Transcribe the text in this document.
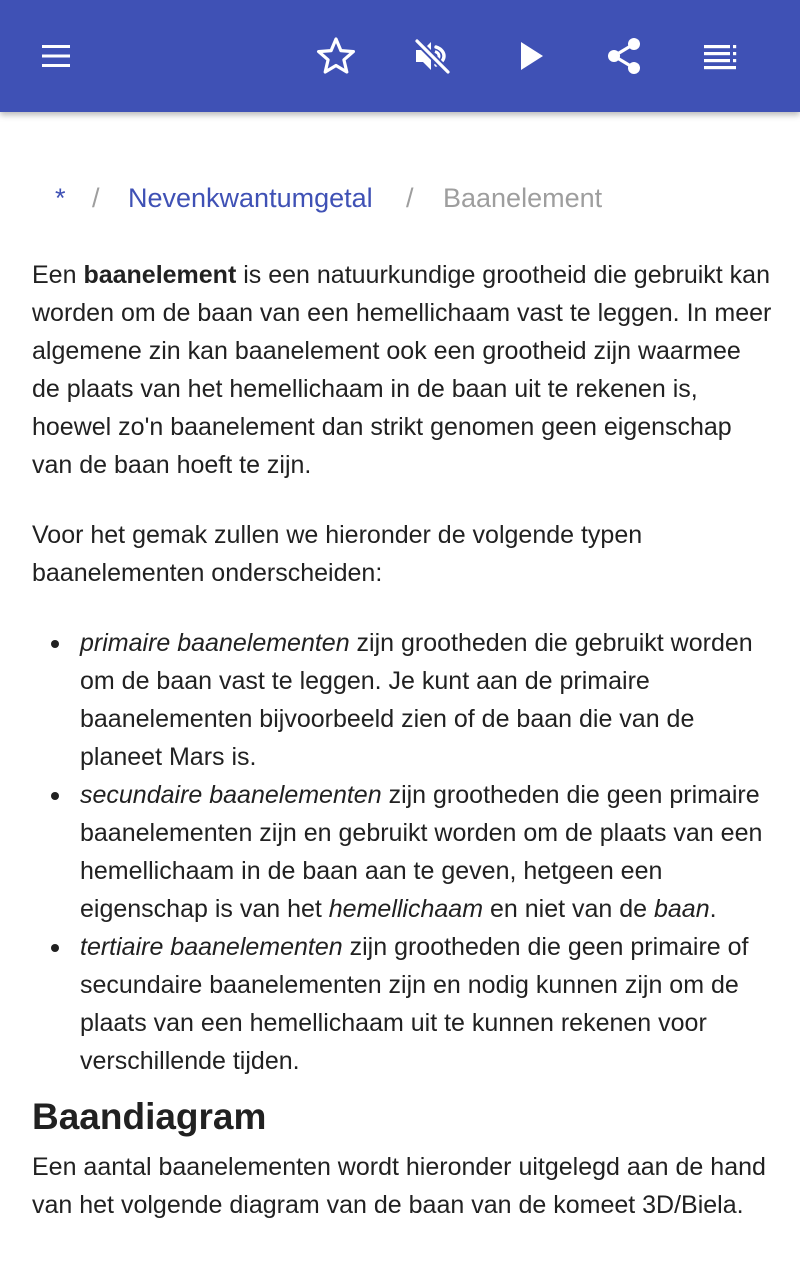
* / Nevenkwantumgetal / Baanelement

Een baanelement is een natuurkundige grootheid die gebruikt kan worden om de baan van een hemellichaam vast te leggen. In meer algemene zin kan baanelement ook een grootheid zijn waarmee de plaats van het hemellichaam in de baan uit te rekenen is, hoewel zo'n baanelement dan strikt genomen geen eigenschap van de baan hoeft te zijn.

Voor het gemak zullen we hieronder de volgende typen baanelementen onderscheiden:

primaire baanelementen zijn grootheden die gebruikt worden om de baan vast te leggen. Je kunt aan de primaire baanelementen bijvoorbeeld zien of de baan die van de planeet Mars is.
secundaire baanelementen zijn grootheden die geen primaire baanelementen zijn en gebruikt worden om de plaats van een hemellichaam in de baan aan te geven, hetgeen een eigenschap is van het hemellichaam en niet van de baan.
tertiaire baanelementen zijn grootheden die geen primaire of secundaire baanelementen zijn en nodig kunnen zijn om de plaats van een hemellichaam uit te kunnen rekenen voor verschillende tijden.
Baandiagram

Een aantal baanelementen wordt hieronder uitgelegd aan de hand van het volgende diagram van de baan van de komeet 3D/Biela.
